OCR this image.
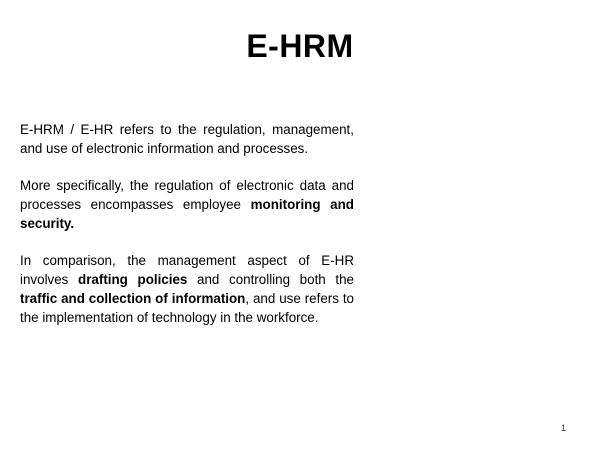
E-HRM

E-HRM / E-HR refers to the regulation, management, and use of electronic information and processes.

More specifically, the regulation of electronic data and processes encompasses employee monitoring and security.

In comparison, the management aspect of E-HR involves drafting policies and controlling both the traffic and collection of information, and use refers to the implementation of technology in the workforce.

1
